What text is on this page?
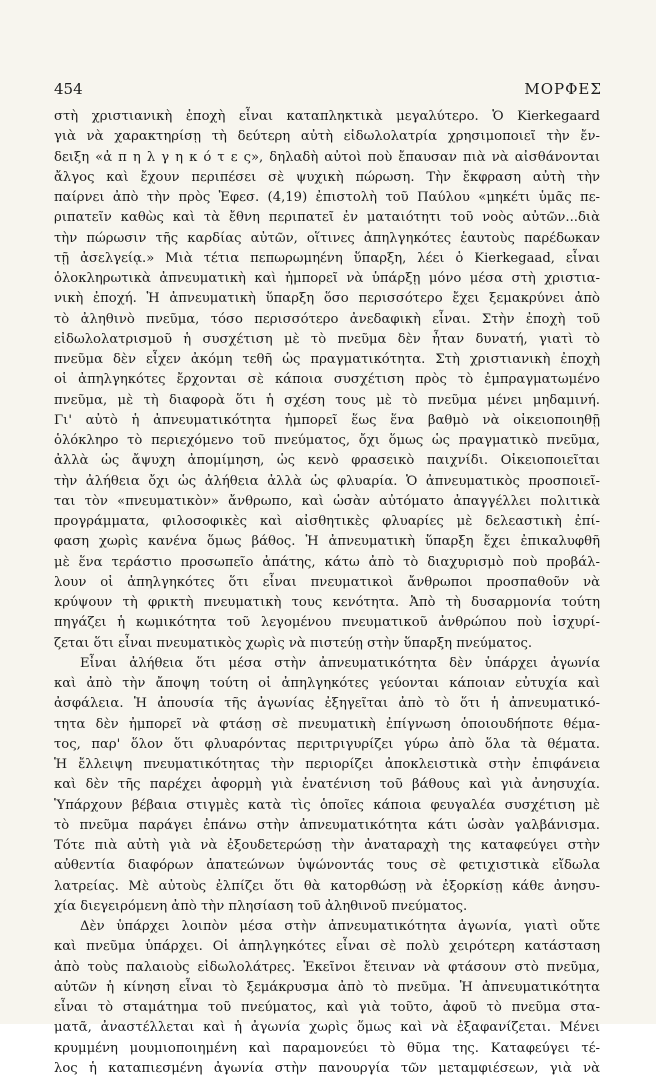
454	ΜΟΡΦΕΣ

στὴ χριστιανικὴ ἐποχὴ εἶναι καταπληκτικὰ μεγαλύτερο. Ὁ Kierkegaard

γιὰ νὰ χαρακτηρίσῃ τὴ δεύτερη αὐτὴ εἰδωλολατρία χρησιμοποιεῖ τὴν ἔν-

δειξη «ἀ π η λ γ η κ ό τ ε ς», δηλαδὴ αὐτοὶ ποὺ ἔπαυσαν πιὰ νὰ αἰσθάνονται

ἄλγος καὶ ἔχουν περιπέσει σὲ ψυχικὴ πώρωση. Τὴν ἔκφραση αὐτὴ τὴν

παίρνει ἀπὸ τὴν πρὸς Ἐφεσ. (4,19) ἐπιστολὴ τοῦ Παύλου «μηκέτι ὑμᾶς πε-

ριπατεῖν καθὼς καὶ τὰ ἔθνη περιπατεῖ ἐν ματαιότητι τοῦ νοὸς αὐτῶν...διὰ

τὴν πώρωσιν τῆς καρδίας αὐτῶν, οἵτινες ἀπηλγηκότες ἑαυτοὺς παρέδωκαν

τῇ ἀσελγείᾳ.» Μιὰ τέτια πεπωρωμηένη ὕπαρξη, λέει ὁ Kierkegaad, εἶναι

ὁλοκληρωτικὰ ἀπνευματικὴ καὶ ἠμπορεῖ νὰ ὑπάρξῃ μόνο μέσα στὴ χριστια-

νικὴ ἐποχή. Ἡ ἀπνευματικὴ ὕπαρξη ὅσο περισσότερο ἔχει ξεμακρύνει ἀπὸ

τὸ ἀληθινὸ πνεῦμα, τόσο περισσότερο ἀνεδαφικὴ εἶναι. Στὴν ἐποχὴ τοῦ

εἰδωλολατρισμοῦ ἡ συσχέτιση μὲ τὸ πνεῦμα δὲν ἦταν δυνατή, γιατὶ τὸ

πνεῦμα δὲν εἶχεν ἀκόμη τεθῆ ὡς πραγματικότητα. Στὴ χριστιανικὴ ἐποχὴ

οἱ ἀπηλγηκότες ἔρχονται σὲ κάποια συσχέτιση πρὸς τὸ ἐμπραγματωμένο

πνεῦμα, μὲ τὴ διαφορὰ ὅτι ἡ σχέση τους μὲ τὸ πνεῦμα μένει μηδαμινή.

Γι' αὐτὸ ἡ ἀπνευματικότητα ἠμπορεῖ ἕως ἕνα βαθμὸ νὰ οἰκειοποιηθῇ

ὁλόκληρο τὸ περιεχόμενο τοῦ πνεύματος, ὄχι ὅμως ὡς πραγματικὸ πνεῦμα,

ἀλλὰ ὡς ἄψυχη ἀπομίμηση, ὡς κενὸ φρασεικὸ παιχνίδι. Οἰκειοποιεῖται

τὴν ἀλήθεια ὄχι ὡς ἀλήθεια ἀλλὰ ὡς φλυαρία. Ὁ ἀπνευματικὸς προσποιεῖ-

ται τὸν «πνευματικὸν» ἄνθρωπο, καὶ ὡσὰν αὐτόματο ἀπαγγέλλει πολιτικὰ

προγράμματα, φιλοσοφικὲς καὶ αἰσθητικὲς φλυαρίες μὲ δελεαστικὴ ἐπί-

φαση χωρὶς κανένα ὅμως βάθος. Ἡ ἀπνευματικὴ ὕπαρξη ἔχει ἐπικαλυφθῆ

μὲ ἕνα τεράστιο προσωπεῖο ἀπάτης, κάτω ἀπὸ τὸ διαχυρισμὸ ποὺ προβάλ-

λουν οἱ ἀπηλγηκότες ὅτι εἶναι πνευματικοὶ ἄνθρωποι προσπαθοῦν νὰ

κρύψουν τὴ φρικτὴ πνευματικὴ τους κενότητα. Ἀπὸ τὴ δυσαρμονία τούτη

πηγάζει ἡ κωμικότητα τοῦ λεγομένου πνευματικοῦ ἀνθρώπου ποὺ ἰσχυρί-

ζεται ὅτι εἶναι πνευματικὸς χωρὶς νὰ πιστεύῃ στὴν ὕπαρξη πνεύματος.

Εἶναι ἀλήθεια ὅτι μέσα στὴν ἀπνευματικότητα δὲν ὑπάρχει ἀγωνία

καὶ ἀπὸ τὴν ἄποψη τούτη οἱ ἀπηλγηκότες γεύονται κάποιαν εὐτυχία καὶ

ἀσφάλεια. Ἡ ἀπουσία τῆς ἀγωνίας ἐξηγεῖται ἀπὸ τὸ ὅτι ἡ ἀπνευματικό-

τητα δὲν ἠμπορεῖ νὰ φτάσῃ σὲ πνευματικὴ ἐπίγνωση ὁποιουδήποτε θέμα-

τος, παρ' ὅλον ὅτι φλυαρόντας περιτριγυρίζει γύρω ἀπὸ ὅλα τὰ θέματα.

Ἡ ἔλλειψη πνευματικότητας τὴν περιορίζει ἀποκλειστικὰ στὴν ἐπιφάνεια

καὶ δὲν τῆς παρέχει ἀφορμὴ γιὰ ἐνατένιση τοῦ βάθους καὶ γιὰ ἀνησυχία.

Ὑπάρχουν βέβαια στιγμὲς κατὰ τὶς ὁποῖες κάποια φευγαλέα συσχέτιση μὲ

τὸ πνεῦμα παράγει ἐπάνω στὴν ἀπνευματικότητα κάτι ὡσὰν γαλβάνισμα.

Τότε πιὰ αὐτὴ γιὰ νὰ ἐξουδετερώσῃ τὴν ἀναταραχὴ της καταφεύγει στὴν

αὐθεντία διαφόρων ἀπατεώνων ὑψώνοντάς τους σὲ φετιχιστικὰ εἴδωλα

λατρείας. Μὲ αὐτοὺς ἐλπίζει ὅτι θὰ κατορθώσῃ νὰ ἐξορκίσῃ κάθε ἀνησυ-

χία διεγειρόμενη ἀπὸ τὴν πλησίαση τοῦ ἀληθινοῦ πνεύματος.

Δὲν ὑπάρχει λοιπὸν μέσα στὴν ἀπνευματικότητα ἀγωνία, γιατὶ οὔτε

καὶ πνεῦμα ὑπάρχει. Οἱ ἀπηλγηκότες εἶναι σὲ πολὺ χειρότερη κατάσταση

ἀπὸ τοὺς παλαιοὺς εἰδωλολάτρες. Ἐκεῖνοι ἔτειναν νὰ φτάσουν στὸ πνεῦμα,

αὐτῶν ἡ κίνηση εἶναι τὸ ξεμάκρυσμα ἀπὸ τὸ πνεῦμα. Ἡ ἀπνευματικότητα

εἶναι τὸ σταμάτημα τοῦ πνεύματος, καὶ γιὰ τοῦτο, ἀφοῦ τὸ πνεῦμα στα-

ματᾶ, ἀναστέλλεται καὶ ἡ ἀγωνία χωρὶς ὅμως καὶ νὰ ἐξαφανίζεται. Μένει

κρυμμένη μουμιοποιημένη καὶ παραμονεύει τὸ θῦμα της. Καταφεύγει τέ-

λος ἡ καταπιεσμένη ἀγωνία στὴν πανουργία τῶν μεταμφιέσεων, γιὰ νὰ
